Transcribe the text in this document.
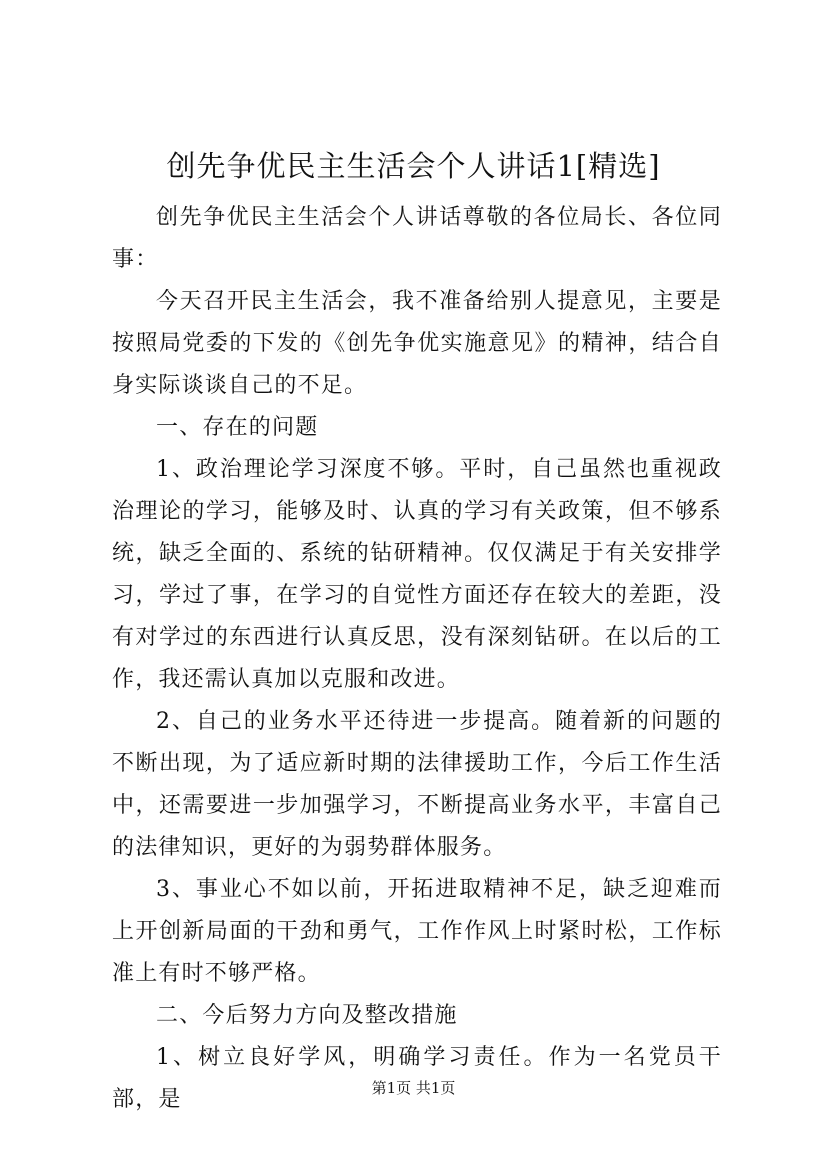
创先争优民主生活会个人讲话1[精选]

创先争优民主生活会个人讲话尊敬的各位局长、各位同事：

今天召开民主生活会，我不准备给别人提意见，主要是按照局党委的下发的《创先争优实施意见》的精神，结合自身实际谈谈自己的不足。

一、存在的问题

1、政治理论学习深度不够。平时，自己虽然也重视政治理论的学习，能够及时、认真的学习有关政策，但不够系统，缺乏全面的、系统的钻研精神。仅仅满足于有关安排学习，学过了事，在学习的自觉性方面还存在较大的差距，没有对学过的东西进行认真反思，没有深刻钻研。在以后的工作，我还需认真加以克服和改进。

2、自己的业务水平还待进一步提高。随着新的问题的不断出现，为了适应新时期的法律援助工作，今后工作生活中，还需要进一步加强学习，不断提高业务水平，丰富自己的法律知识，更好的为弱势群体服务。

3、事业心不如以前，开拓进取精神不足，缺乏迎难而上开创新局面的干劲和勇气，工作作风上时紧时松，工作标准上有时不够严格。

二、今后努力方向及整改措施

1、树立良好学风，明确学习责任。作为一名党员干部，是	第1页 共1页
